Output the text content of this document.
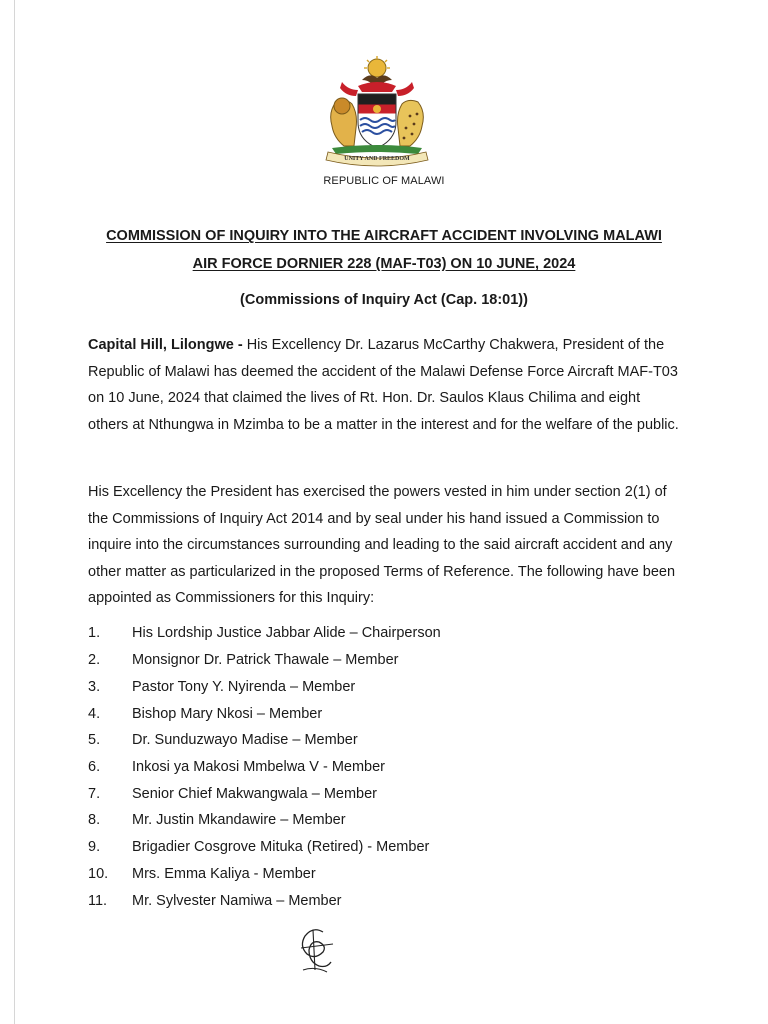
UNITY AND FREEDOM
REPUBLIC OF MALAWI
COMMISSION OF INQUIRY INTO THE AIRCRAFT ACCIDENT INVOLVING MALAWI
AIR FORCE DORNIER 228 (MAF-T03) ON 10 JUNE, 2024
(Commissions of Inquiry Act (Cap. 18:01))

Capital Hill, Lilongwe - His Excellency Dr. Lazarus McCarthy Chakwera, President of the Republic of Malawi has deemed the accident of the Malawi Defense Force Aircraft MAF-T03 on 10 June, 2024 that claimed the lives of Rt. Hon. Dr. Saulos Klaus Chilima and eight others at Nthungwa in Mzimba to be a matter in the interest and for the welfare of the public.

His Excellency the President has exercised the powers vested in him under section 2(1) of the Commissions of Inquiry Act 2014 and by seal under his hand issued a Commission to inquire into the circumstances surrounding and leading to the said aircraft accident and any other matter as particularized in the proposed Terms of Reference. The following have been appointed as Commissioners for this Inquiry:

1. His Lordship Justice Jabbar Alide – Chairperson
2. Monsignor Dr. Patrick Thawale – Member
3. Pastor Tony Y. Nyirenda – Member
4. Bishop Mary Nkosi – Member
5. Dr. Sunduzwayo Madise – Member
6. Inkosi ya Makosi Mmbelwa V - Member
7. Senior Chief Makwangwala – Member
8. Mr. Justin Mkandawire – Member
9. Brigadier Cosgrove Mituka (Retired) - Member
10. Mrs. Emma Kaliya - Member
11. Mr. Sylvester Namiwa – Member
